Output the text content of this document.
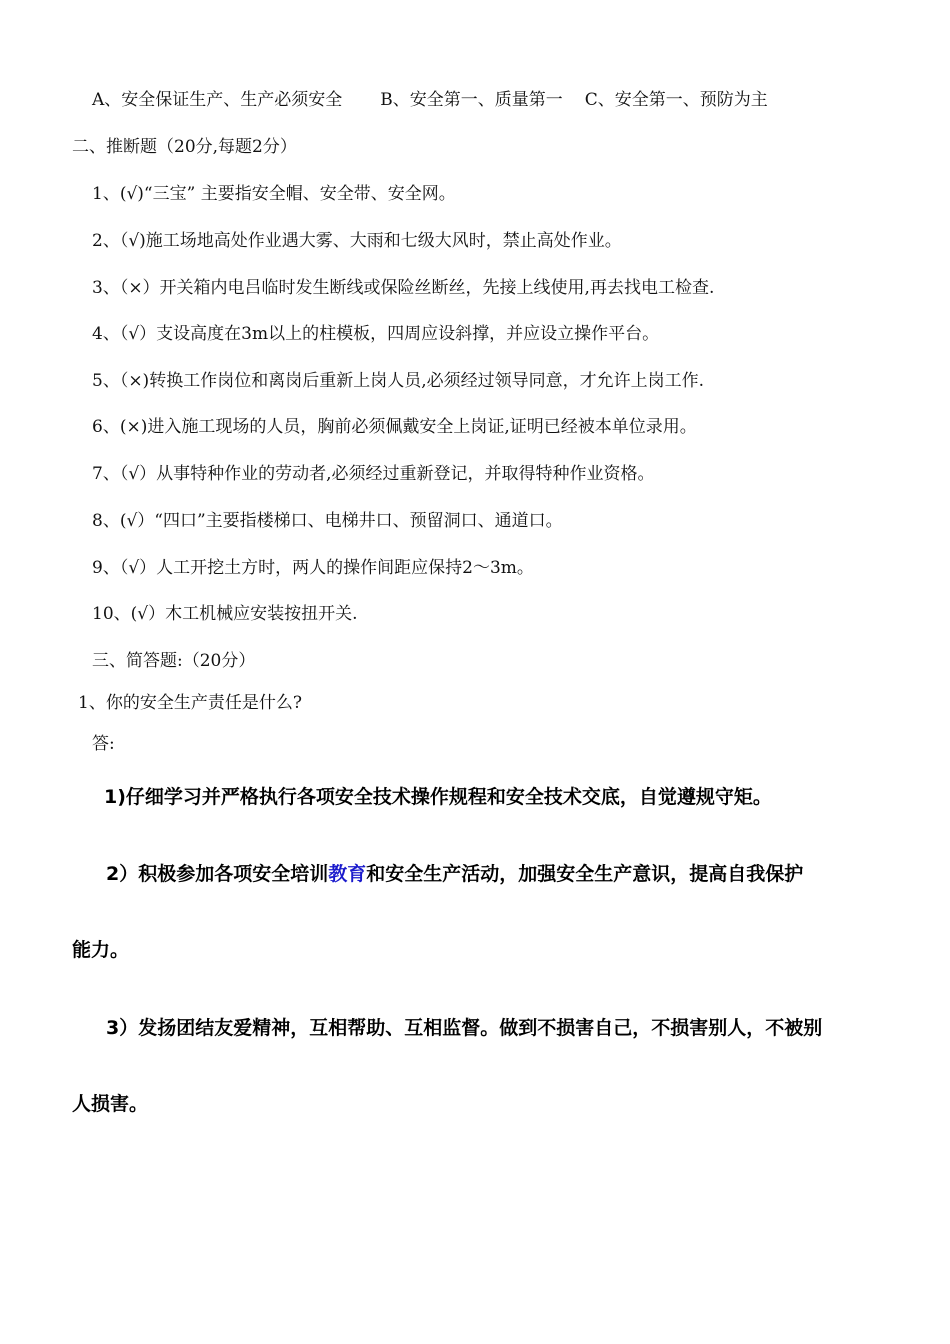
A、安全保证生产、生产必须安全 B、安全第一、质量第一 C、安全第一、预防为主
二、推断题（20分,每题2分）
1、(√)“三宝” 主要指安全帽、安全带、安全网。
2、（√)施工场地高处作业遇大雾、大雨和七级大风时，禁止高处作业。
3、（×）开关箱内电吕临时发生断线或保险丝断丝，先接上线使用,再去找电工检查.
4、（√）支设高度在3m以上的柱模板，四周应设斜撑，并应设立操作平台。
5、（×)转换工作岗位和离岗后重新上岗人员,必须经过领导同意，才允许上岗工作.
6、(×)进入施工现场的人员，胸前必须佩戴安全上岗证,证明已经被本单位录用。
7、（√）从事特种作业的劳动者,必须经过重新登记，并取得特种作业资格。
8、(√）“四口”主要指楼梯口、电梯井口、预留洞口、通道口。
9、（√）人工开挖土方时，两人的操作间距应保持2～3m。
10、(√）木工机械应安装按扭开关.
三、简答题:（20分）
1、你的安全生产责任是什么?
答:
1)仔细学习并严格执行各项安全技术操作规程和安全技术交底，自觉遵规守矩。
2）积极参加各项安全培训教育和安全生产活动，加强安全生产意识，提高自我保护
能力。
3）发扬团结友爱精神，互相帮助、互相监督。做到不损害自己，不损害别人，不被别
人损害。
